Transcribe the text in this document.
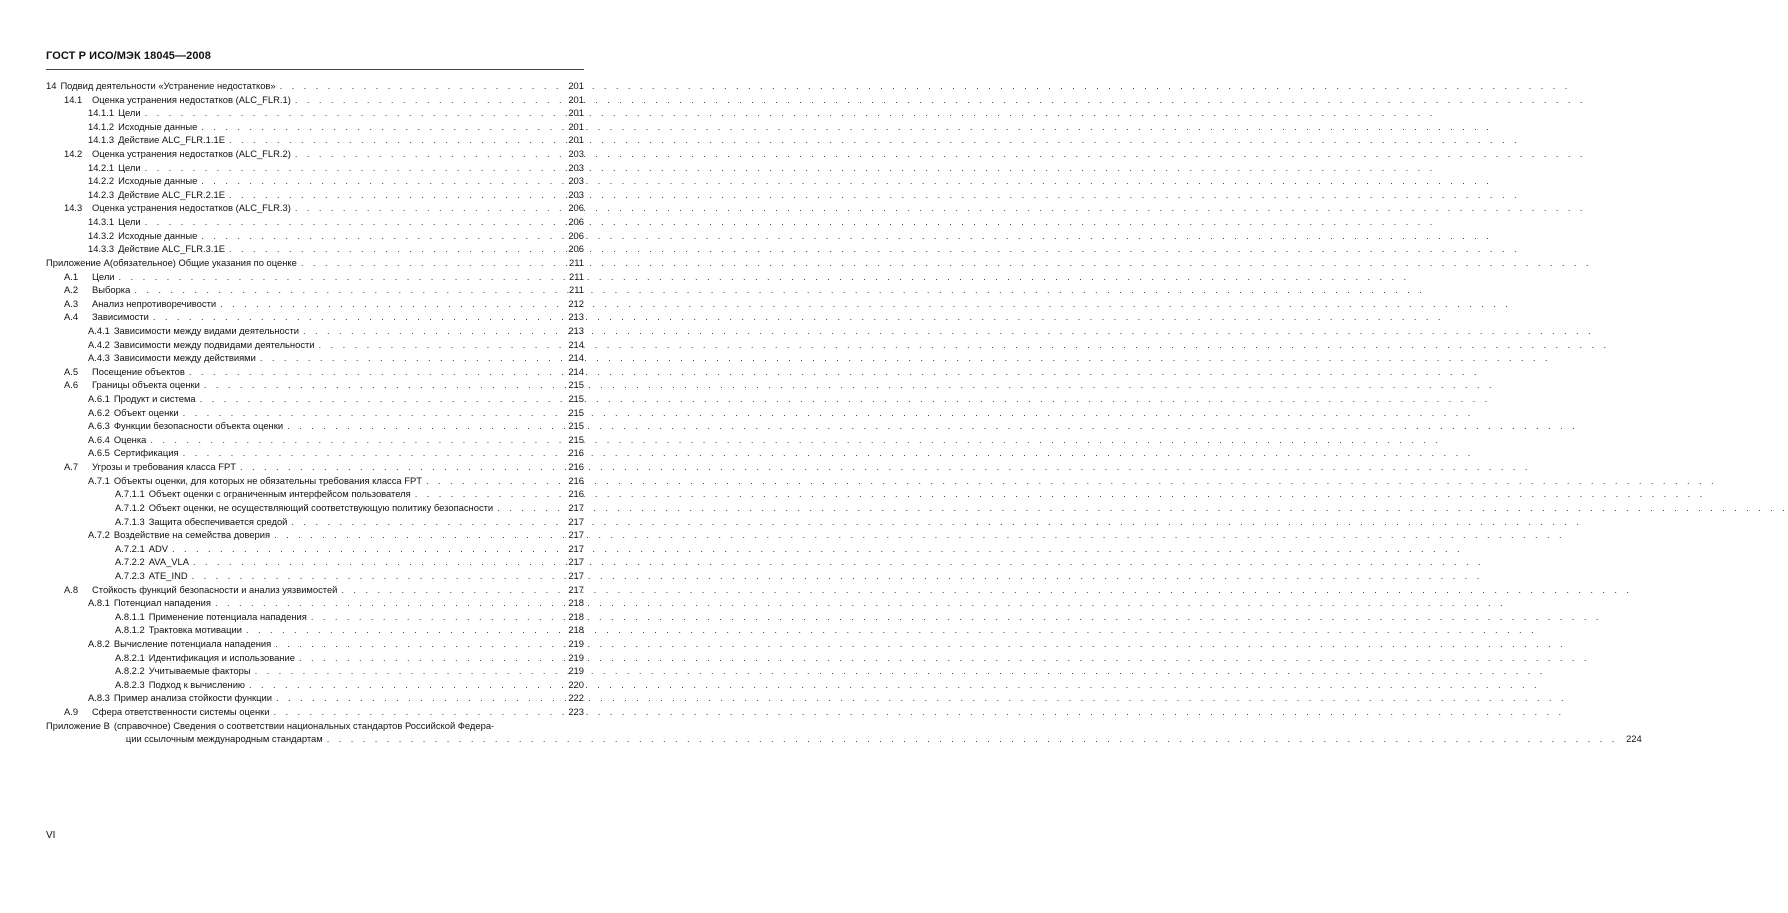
ГОСТ Р ИСО/МЭК 18045—2008
14 Подвид деятельности «Устранение недостатков» . . .	201
14.1	Оценка устранения недостатков (ALC_FLR.1) . . .	201
14.1.1 Цели . . .	201
14.1.2 Исходные данные . . .	201
14.1.3 Действие ALC_FLR.1.1E . . .	201
14.2	Оценка устранения недостатков (ALC_FLR.2) . . .	203
14.2.1 Цели . . .	203
14.2.2 Исходные данные . . .	203
14.2.3 Действие ALC_FLR.2.1E . . .	203
14.3	Оценка устранения недостатков (ALC_FLR.3) . . .	206
14.3.1 Цели . . .	206
14.3.2 Исходные данные . . .	206
14.3.3 Действие ALC_FLR.3.1E . . .	206
Приложение А (обязательное) Общие указания по оценке . . .	211
А.1	Цели . . .	211
А.2	Выборка . . .	211
А.3	Анализ непротиворечивости . . .	212
А.4	Зависимости . . .	213
А.4.1 Зависимости между видами деятельности . . .	213
А.4.2 Зависимости между подвидами деятельности . . .	214
А.4.3 Зависимости между действиями . . .	214
А.5	Посещение объектов . . .	214
А.6	Границы объекта оценки . . .	215
А.6.1 Продукт и система . . .	215
А.6.2 Объект оценки . . .	215
А.6.3 Функции безопасности объекта оценки . . .	215
А.6.4 Оценка . . .	215
А.6.5 Сертификация . . .	216
А.7	Угрозы и требования класса FPT . . .	216
А.7.1 Объекты оценки, для которых не обязательны требования класса FPT . . .	216
А.7.1.1 Объект оценки с ограниченным интерфейсом пользователя . . .	216
А.7.1.2 Объект оценки, не осуществляющий соответствующую политику безопасности . . .	217
А.7.1.3 Защита обеспечивается средой . . .	217
А.7.2 Воздействие на семейства доверия . . .	217
А.7.2.1 ADV . . .	217
А.7.2.2 AVA_VLA . . .	217
А.7.2.3 ATE_IND . . .	217
А.8	Стойкость функций безопасности и анализ уязвимостей . . .	217
А.8.1 Потенциал нападения . . .	218
А.8.1.1 Применение потенциала нападения . . .	218
А.8.1.2 Трактовка мотивации . . .	218
А.8.2 Вычисление потенциала нападения . . .	219
А.8.2.1 Идентификация и использование . . .	219
А.8.2.2 Учитываемые факторы . . .	219
А.8.2.3 Подход к вычислению . . .	220
А.8.3 Пример анализа стойкости функции . . .	222
А.9	Сфера ответственности системы оценки . . .	223
Приложение В (справочное) Сведения о соответствии национальных стандартов Российской Федера-
ции ссылочным международным стандартам . . .	224
VI
